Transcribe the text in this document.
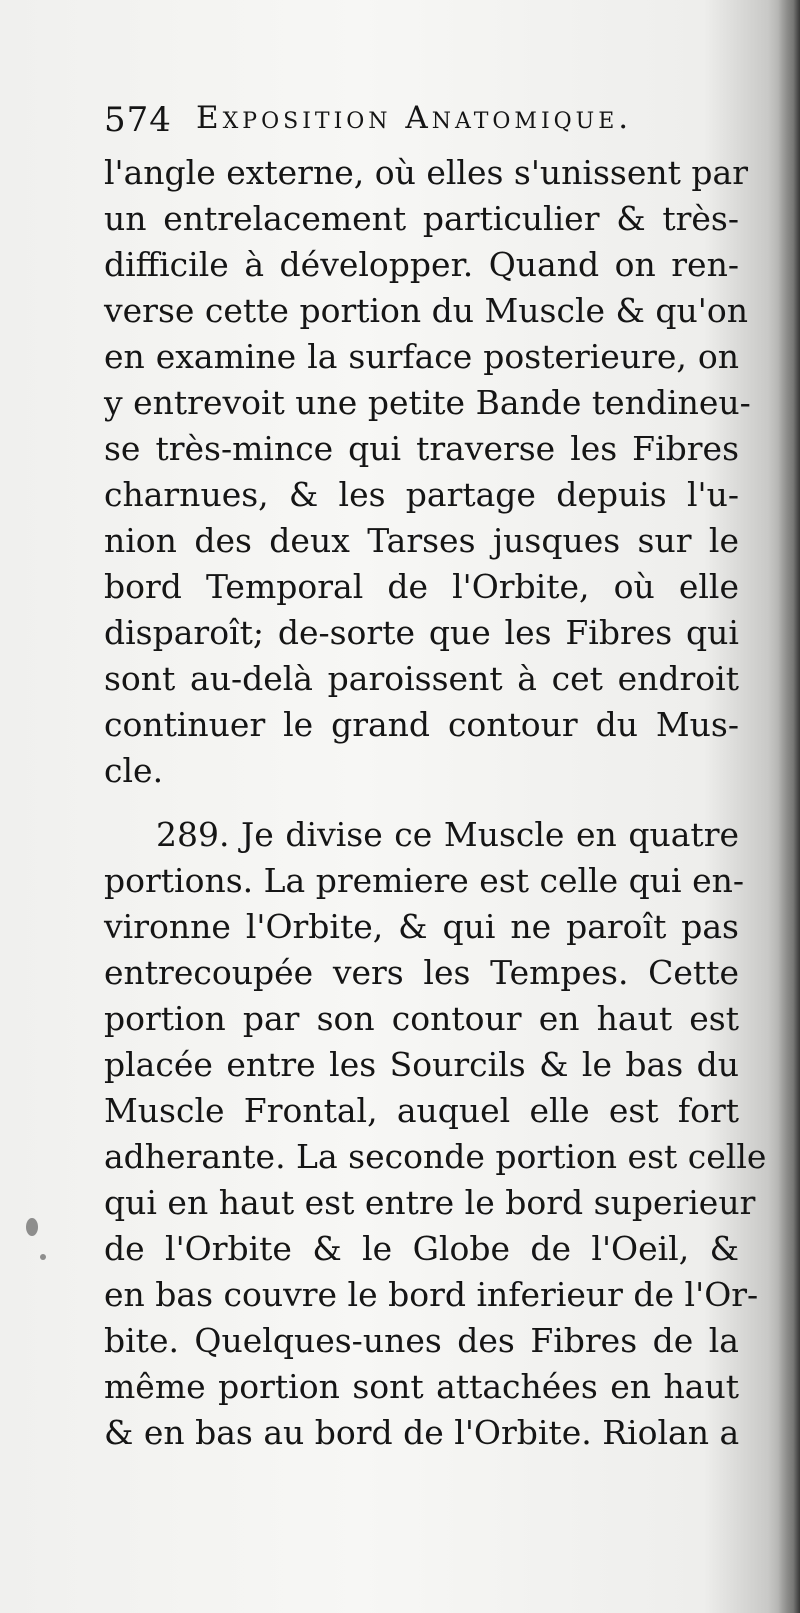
574 Exposition Anatomique.
l'angle externe, où elles s'unissent par
un entrelacement particulier & très-
difficile à développer. Quand on ren-
verse cette portion du Muscle & qu'on
en examine la surface posterieure, on
y entrevoit une petite Bande tendineu-
se très-mince qui traverse les Fibres
charnues, & les partage depuis l'u-
nion des deux Tarses jusques sur le
bord Temporal de l'Orbite, où elle
disparoît; de-sorte que les Fibres qui
sont au-delà paroissent à cet endroit
continuer le grand contour du Mus-
cle.
289. Je divise ce Muscle en quatre
portions. La premiere est celle qui en-
vironne l'Orbite, & qui ne paroît pas
entrecoupée vers les Tempes. Cette
portion par son contour en haut est
placée entre les Sourcils & le bas du
Muscle Frontal, auquel elle est fort
adherante. La seconde portion est celle
qui en haut est entre le bord superieur
de l'Orbite & le Globe de l'Oeil, &
en bas couvre le bord inferieur de l'Or-
bite. Quelques-unes des Fibres de la
même portion sont attachées en haut
& en bas au bord de l'Orbite. Riolan a
